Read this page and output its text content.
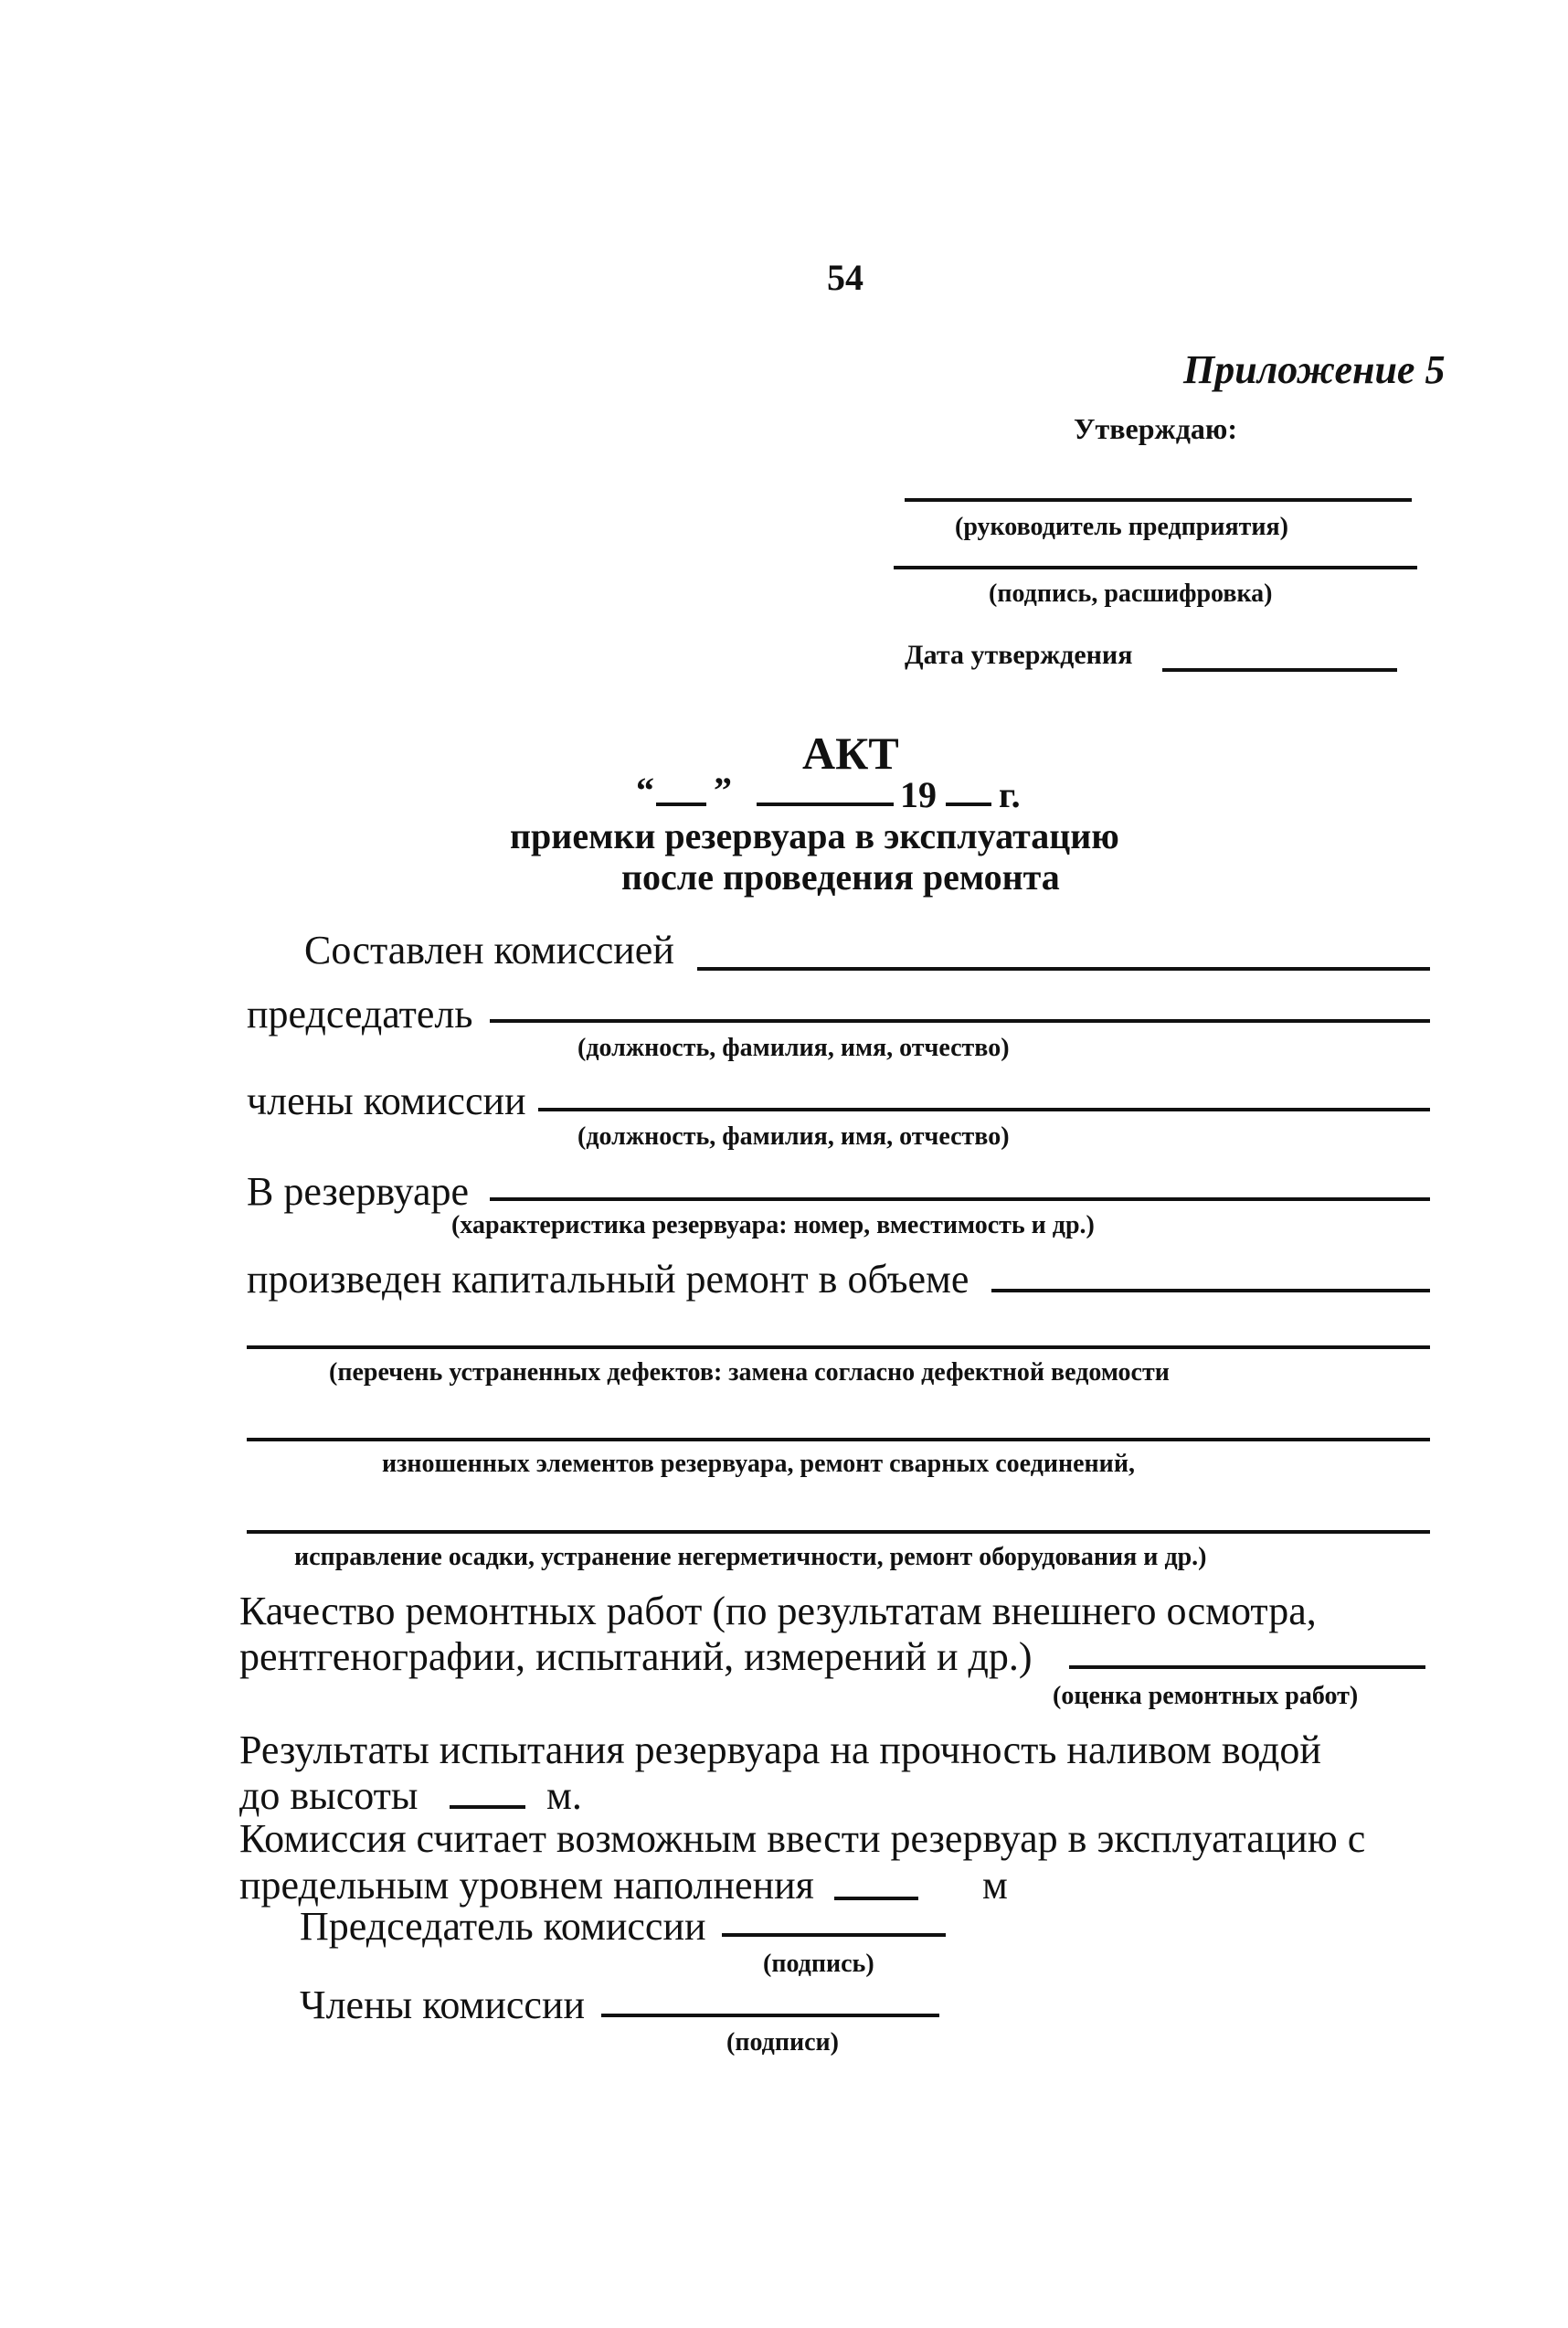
54
Приложение 5
Утверждаю:
(руководитель предприятия)
(подпись, расшифровка)
Дата утверждения
АКТ
“ ”	19 г.
приемки резервуара в эксплуатацию
после проведения ремонта
Составлен комиссией
председатель
(должность, фамилия, имя, отчество)
члены комиссии
(должность, фамилия, имя, отчество)
В резервуаре
(характеристика резервуара: номер, вместимость и др.)
произведен капитальный ремонт в объеме
(перечень устраненных дефектов: замена согласно дефектной ведомости
изношенных элементов резервуара, ремонт сварных соединений,
исправление осадки, устранение негерметичности, ремонт оборудования и др.)
Качество ремонтных работ (по результатам внешнего осмотра,
рентгенографии, испытаний, измерений и др.)
(оценка ремонтных работ)
Результаты испытания резервуара на прочность наливом водой
до высоты	м.
Комиссия считает возможным ввести резервуар в эксплуатацию с
предельным уровнем наполнения	м
Председатель комиссии
(подпись)
Члены комиссии
(подписи)
